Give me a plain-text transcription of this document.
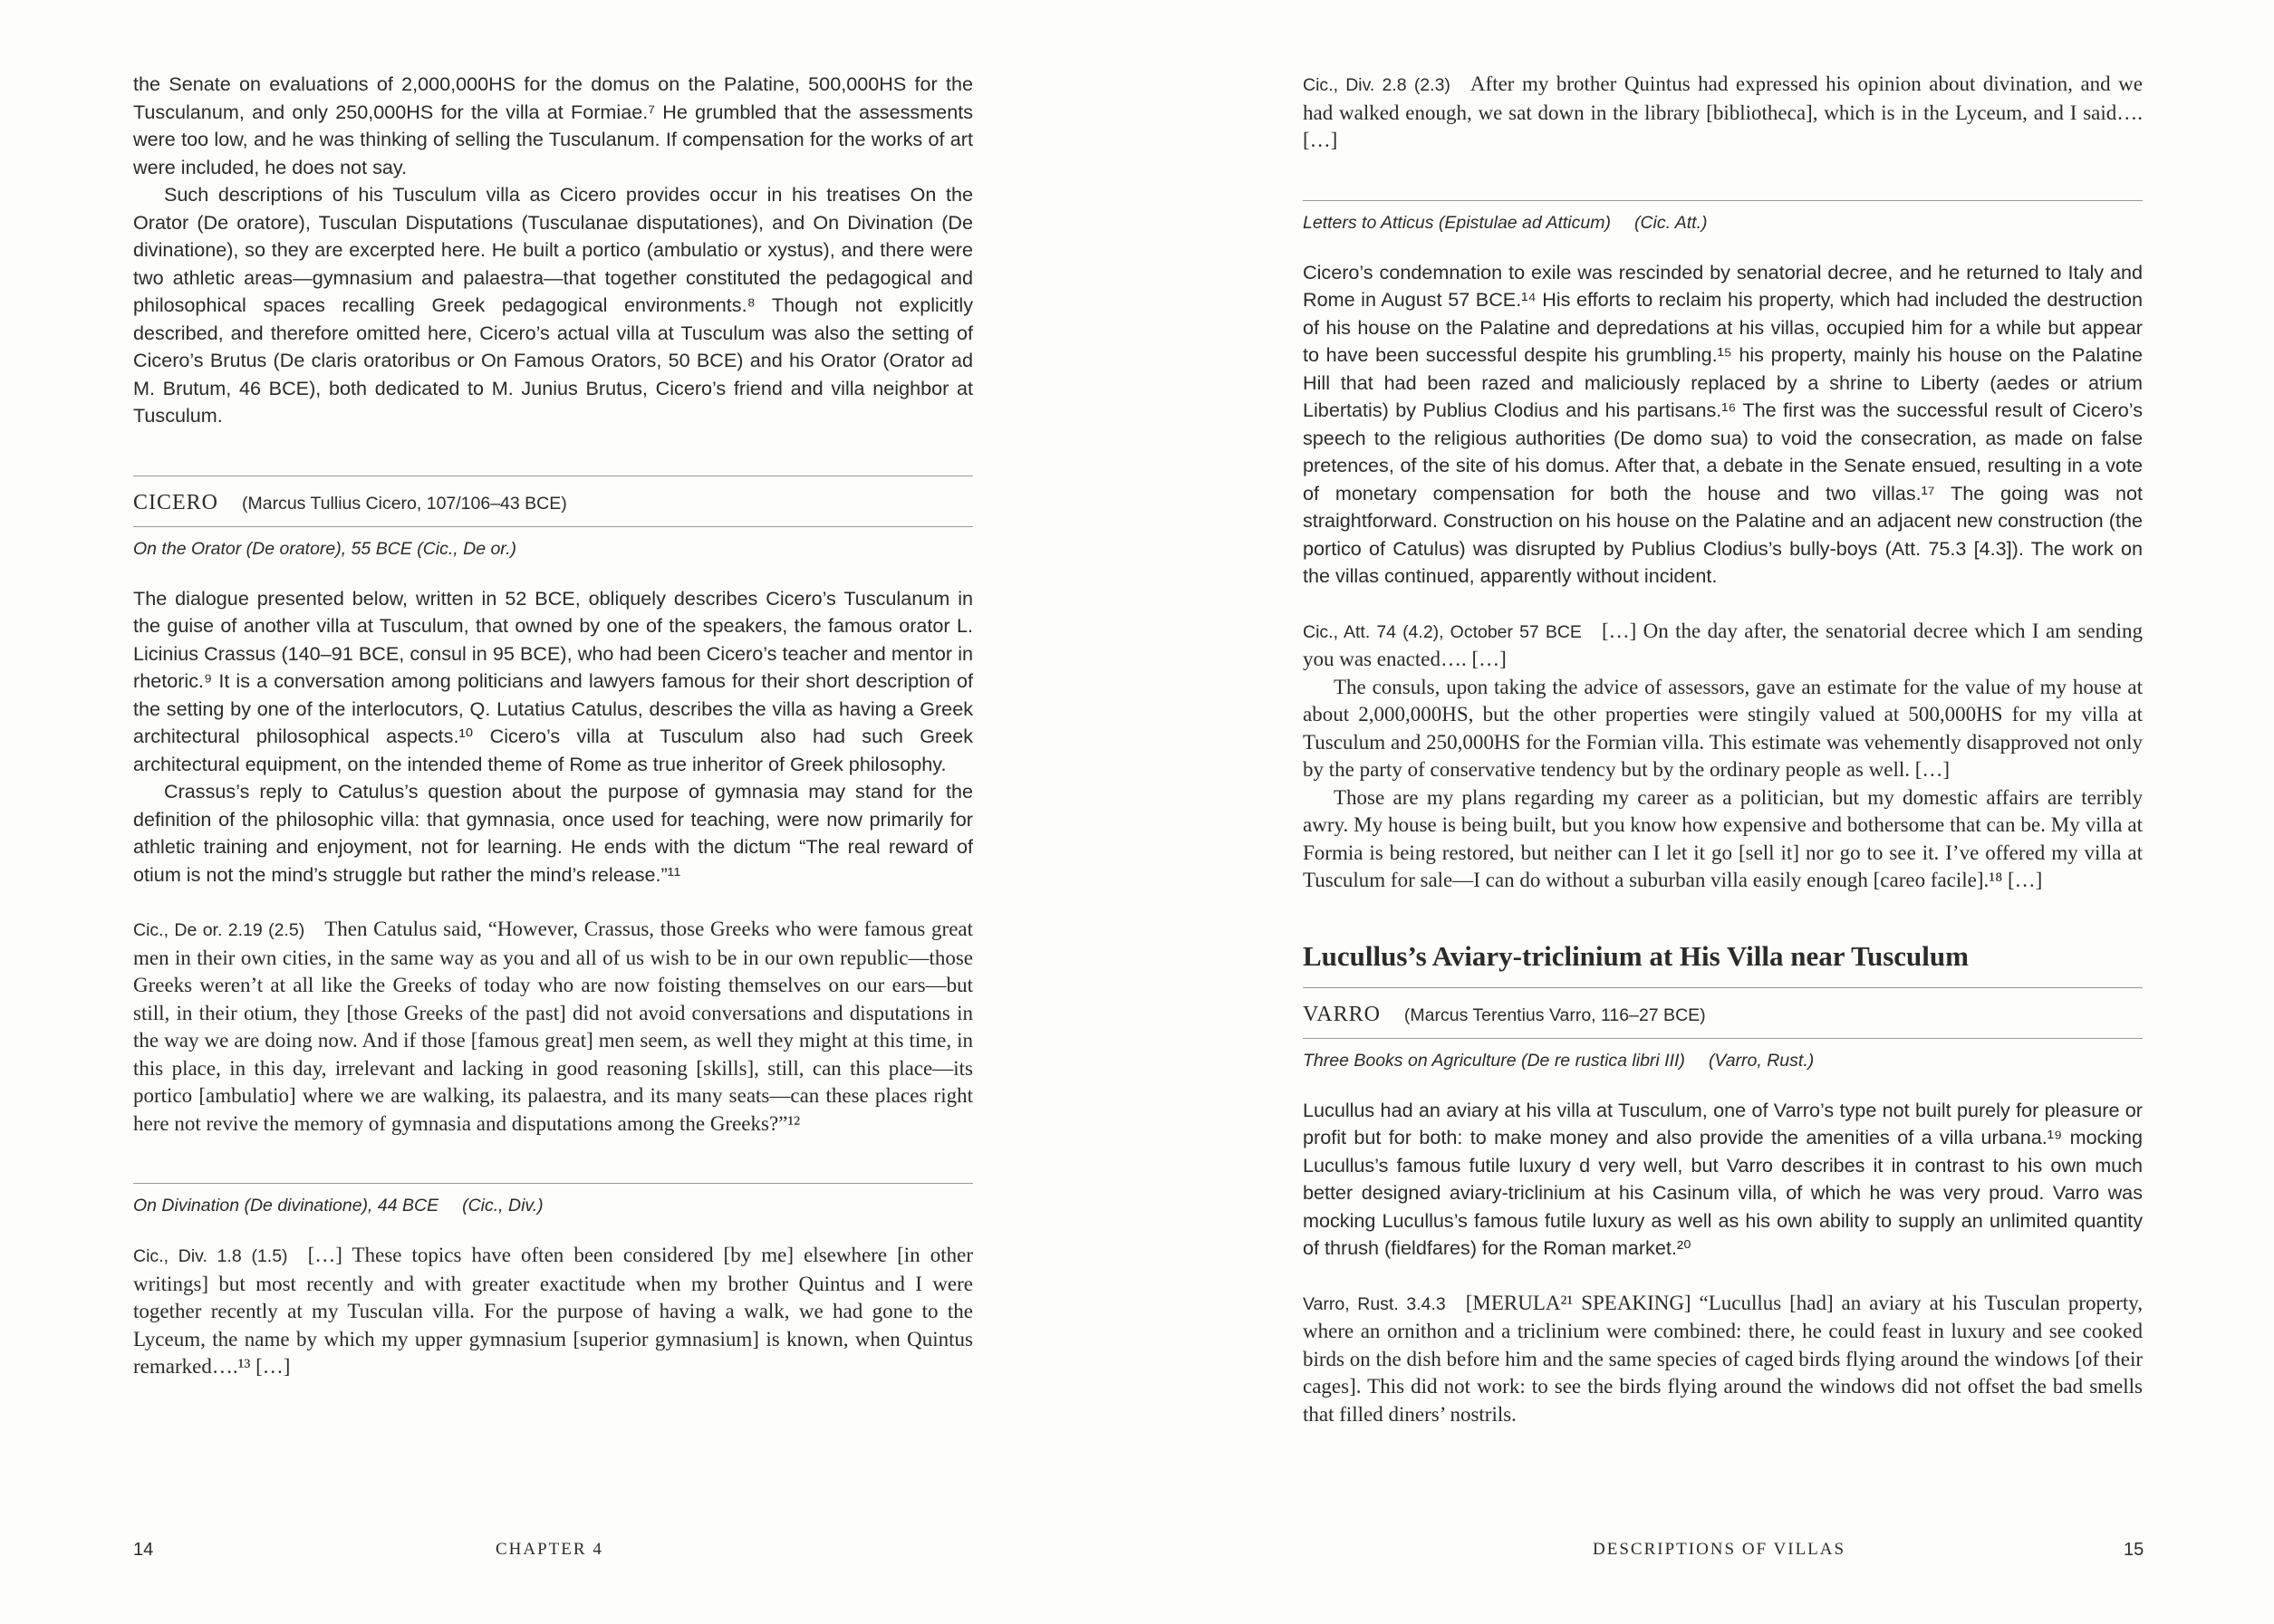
the Senate on evaluations of 2,000,000HS for the domus on the Palatine, 500,000HS for the Tusculanum, and only 250,000HS for the villa at Formiae.⁷ He grumbled that the assessments were too low, and he was thinking of selling the Tusculanum. If compensation for the works of art were included, he does not say.

Such descriptions of his Tusculum villa as Cicero provides occur in his treatises On the Orator (De oratore), Tusculan Disputations (Tusculanae disputationes), and On Divination (De divinatione), so they are excerpted here. He built a portico (ambulatio or xystus), and there were two athletic areas—gymnasium and palaestra—that together constituted the pedagogical and philosophical spaces recalling Greek pedagogical environments.⁸ Though not explicitly described, and therefore omitted here, Cicero’s actual villa at Tusculum was also the setting of Cicero’s Brutus (De claris oratoribus or On Famous Orators, 50 BCE) and his Orator (Orator ad M. Brutum, 46 BCE), both dedicated to M. Junius Brutus, Cicero’s friend and villa neighbor at Tusculum.

CICERO (Marcus Tullius Cicero, 107/106–43 BCE)
On the Orator (De oratore), 55 BCE (Cic., De or.)

The dialogue presented below, written in 52 BCE, obliquely describes Cicero’s Tusculanum in the guise of another villa at Tusculum, that owned by one of the speakers, the famous orator L. Licinius Crassus (140–91 BCE, consul in 95 BCE), who had been Cicero’s teacher and mentor in rhetoric.⁹ It is a conversation among politicians and lawyers famous for their short description of the setting by one of the interlocutors, Q. Lutatius Catulus, describes the villa as having a Greek architectural philosophical aspects.¹⁰ Cicero’s villa at Tusculum also had such Greek architectural equipment, on the intended theme of Rome as true inheritor of Greek philosophy.

Crassus’s reply to Catulus’s question about the purpose of gymnasia may stand for the definition of the philosophic villa: that gymnasia, once used for teaching, were now primarily for athletic training and enjoyment, not for learning. He ends with the dictum “The real reward of otium is not the mind’s struggle but rather the mind’s release.”¹¹

Cic., De or. 2.19 (2.5) Then Catulus said, “However, Crassus, those Greeks who were famous great men in their own cities, in the same way as you and all of us wish to be in our own republic—those Greeks weren’t at all like the Greeks of today who are now foisting themselves on our ears—but still, in their otium, they [those Greeks of the past] did not avoid conversations and disputations in the way we are doing now. And if those [famous great] men seem, as well they might at this time, in this place, in this day, irrelevant and lacking in good reasoning [skills], still, can this place—its portico [ambulatio] where we are walking, its palaestra, and its many seats—can these places right here not revive the memory of gymnasia and disputations among the Greeks?”¹²

On Divination (De divinatione), 44 BCE (Cic., Div.)

Cic., Div. 1.8 (1.5) […] These topics have often been considered [by me] elsewhere [in other writings] but most recently and with greater exactitude when my brother Quintus and I were together recently at my Tusculan villa. For the purpose of having a walk, we had gone to the Lyceum, the name by which my upper gymnasium [superior gymnasium] is known, when Quintus remarked….¹³ […]

14	CHAPTER 4

Cic., Div. 2.8 (2.3) After my brother Quintus had expressed his opinion about divination, and we had walked enough, we sat down in the library [bibliotheca], which is in the Lyceum, and I said…. […]

Letters to Atticus (Epistulae ad Atticum) (Cic. Att.)

Cicero’s condemnation to exile was rescinded by senatorial decree, and he returned to Italy and Rome in August 57 BCE.¹⁴ His efforts to reclaim his property, which had included the destruction of his house on the Palatine and depredations at his villas, occupied him for a while but appear to have been successful despite his grumbling.¹⁵ his property, mainly his house on the Palatine Hill that had been razed and maliciously replaced by a shrine to Liberty (aedes or atrium Libertatis) by Publius Clodius and his partisans.¹⁶ The first was the successful result of Cicero’s speech to the religious authorities (De domo sua) to void the consecration, as made on false pretences, of the site of his domus. After that, a debate in the Senate ensued, resulting in a vote of monetary compensation for both the house and two villas.¹⁷ The going was not straightforward. Construction on his house on the Palatine and an adjacent new construction (the portico of Catulus) was disrupted by Publius Clodius’s bully-boys (Att. 75.3 [4.3]). The work on the villas continued, apparently without incident.

Cic., Att. 74 (4.2), October 57 BCE […] On the day after, the senatorial decree which I am sending you was enacted…. […]

The consuls, upon taking the advice of assessors, gave an estimate for the value of my house at about 2,000,000HS, but the other properties were stingily valued at 500,000HS for my villa at Tusculum and 250,000HS for the Formian villa. This estimate was vehemently disapproved not only by the party of conservative tendency but by the ordinary people as well. […]

Those are my plans regarding my career as a politician, but my domestic affairs are terribly awry. My house is being built, but you know how expensive and bothersome that can be. My villa at Formia is being restored, but neither can I let it go [sell it] nor go to see it. I’ve offered my villa at Tusculum for sale—I can do without a suburban villa easily enough [careo facile].¹⁸ […]

Lucullus’s Aviary-triclinium at His Villa near Tusculum
VARRO (Marcus Terentius Varro, 116–27 BCE)
Three Books on Agriculture (De re rustica libri III) (Varro, Rust.)

Lucullus had an aviary at his villa at Tusculum, one of Varro’s type not built purely for pleasure or profit but for both: to make money and also provide the amenities of a villa urbana.¹⁹ mocking Lucullus’s famous futile luxury d very well, but Varro describes it in contrast to his own much better designed aviary-triclinium at his Casinum villa, of which he was very proud. Varro was mocking Lucullus’s famous futile luxury as well as his own ability to supply an unlimited quantity of thrush (fieldfares) for the Roman market.²⁰

Varro, Rust. 3.4.3 [MERULA²¹ SPEAKING] “Lucullus [had] an aviary at his Tusculan property, where an ornithon and a triclinium were combined: there, he could feast in luxury and see cooked birds on the dish before him and the same species of caged birds flying around the windows [of their cages]. This did not work: to see the birds flying around the windows did not offset the bad smells that filled diners’ nostrils.

DESCRIPTIONS OF VILLAS	15
